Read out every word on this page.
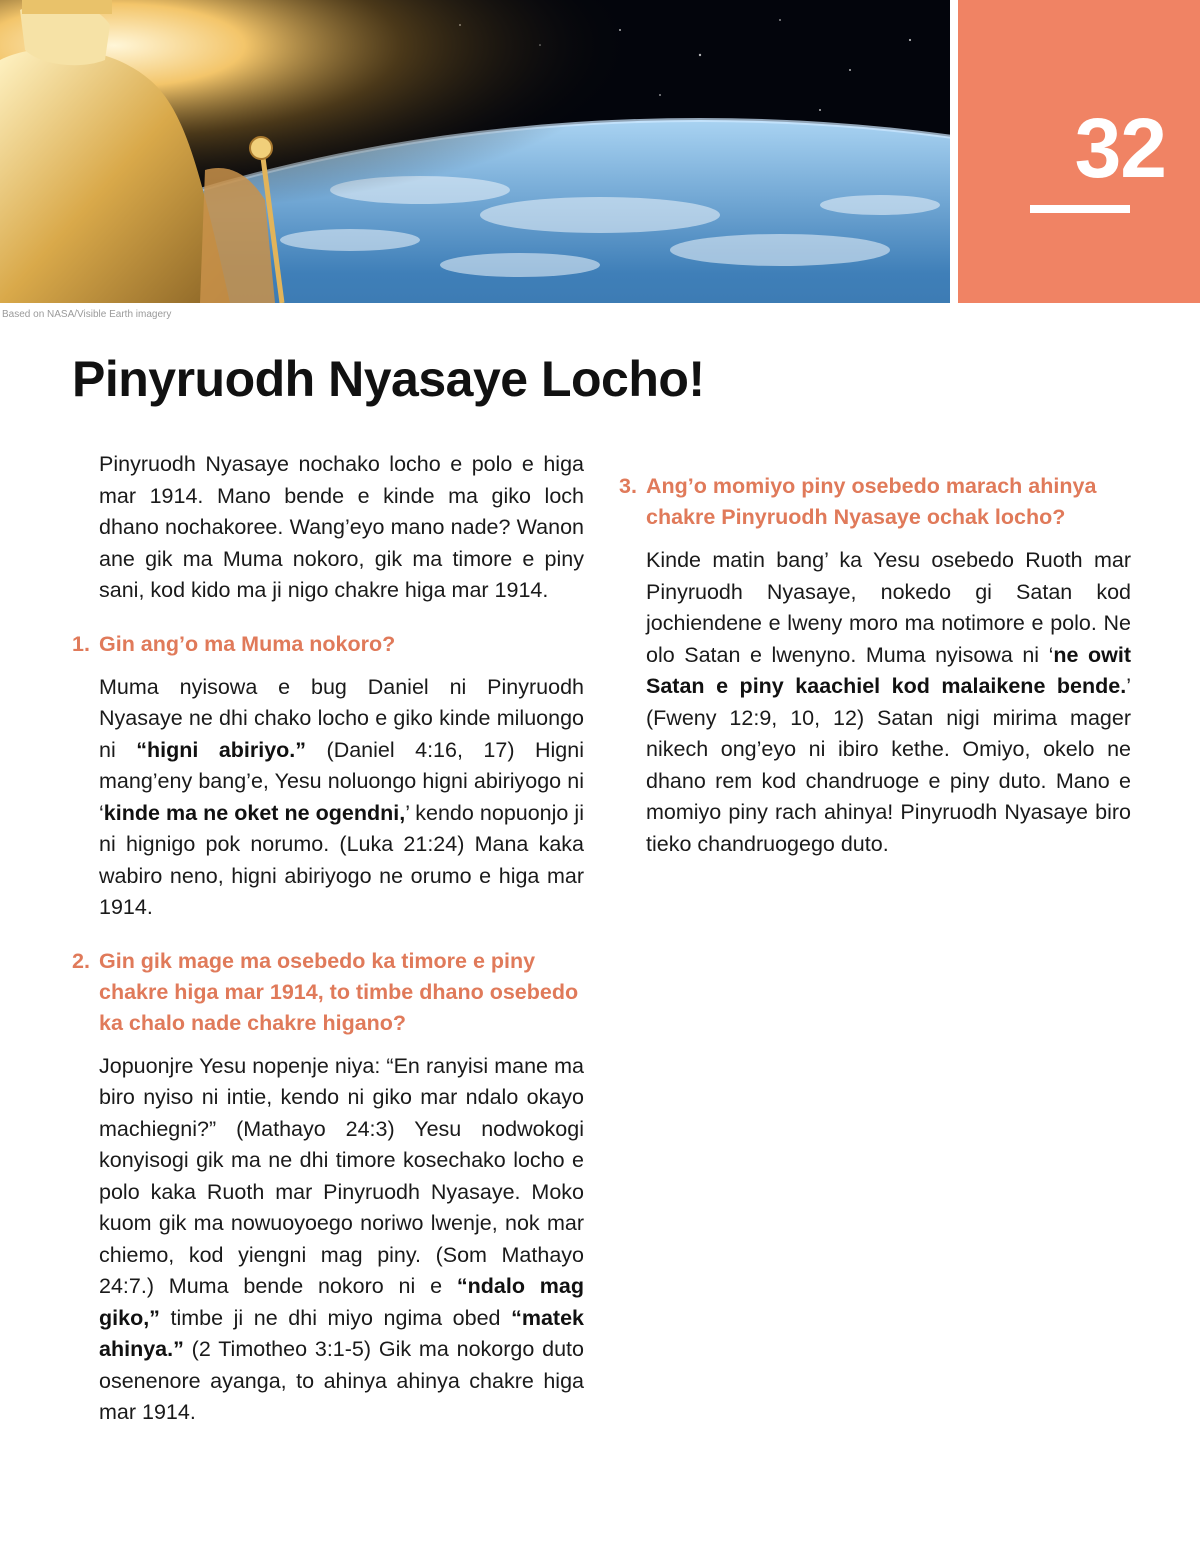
32
Based on NASA/Visible Earth imagery
Pinyruodh Nyasaye Locho!

Pinyruodh Nyasaye nochako locho e polo e higa mar 1914. Mano bende e kinde ma giko loch dhano nochakoree. Wang’eyo mano nade? Wanon ane gik ma Muma nokoro, gik ma timore e piny sani, kod kido ma ji nigo chakre higa mar 1914.

1. Gin ang’o ma Muma nokoro?

Muma nyisowa e bug Daniel ni Pinyruodh Nyasaye ne dhi chako locho e giko kinde miluongo ni “higni abiriyo.” (Daniel 4:16, 17) Higni mang’eny bang’e, Yesu noluongo higni abiriyogo ni ‘kinde ma ne oket ne ogendni,’ kendo nopuonjo ji ni hignigo pok norumo. (Luka 21:24) Mana kaka wabiro neno, higni abiriyogo ne orumo e higa mar 1914.

2. Gin gik mage ma osebedo ka timore e piny chakre higa mar 1914, to timbe dhano osebedo ka chalo nade chakre higano?

Jopuonjre Yesu nopenje niya: “En ranyisi mane ma biro nyiso ni intie, kendo ni giko mar ndalo okayo machiegni?” (Mathayo 24:3) Yesu nodwokogi konyisogi gik ma ne dhi timore kosechako locho e polo kaka Ruoth mar Pinyruodh Nyasaye. Moko kuom gik ma nowuoyoego noriwo lwenje, nok mar chiemo, kod yiengni mag piny. (Som Mathayo 24:7.) Muma bende nokoro ni e “ndalo mag giko,” timbe ji ne dhi miyo ngima obed “matek ahinya.” (2 Timotheo 3:1-5) Gik ma nokorgo duto osenenore ayanga, to ahinya ahinya chakre higa mar 1914.

3. Ang’o momiyo piny osebedo marach ahinya chakre Pinyruodh Nyasaye ochak locho?

Kinde matin bang’ ka Yesu osebedo Ruoth mar Pinyruodh Nyasaye, nokedo gi Satan kod jochiendene e lweny moro ma notimore e polo. Ne olo Satan e lwenyno. Muma nyisowa ni ‘ne owit Satan e piny kaachiel kod malaikene bende.’ (Fweny 12:9, 10, 12) Satan nigi mirima mager nikech ong’eyo ni ibiro kethe. Omiyo, okelo ne dhano rem kod chandruoge e piny duto. Mano e momiyo piny rach ahinya! Pinyruodh Nyasaye biro tieko chandruogego duto.
